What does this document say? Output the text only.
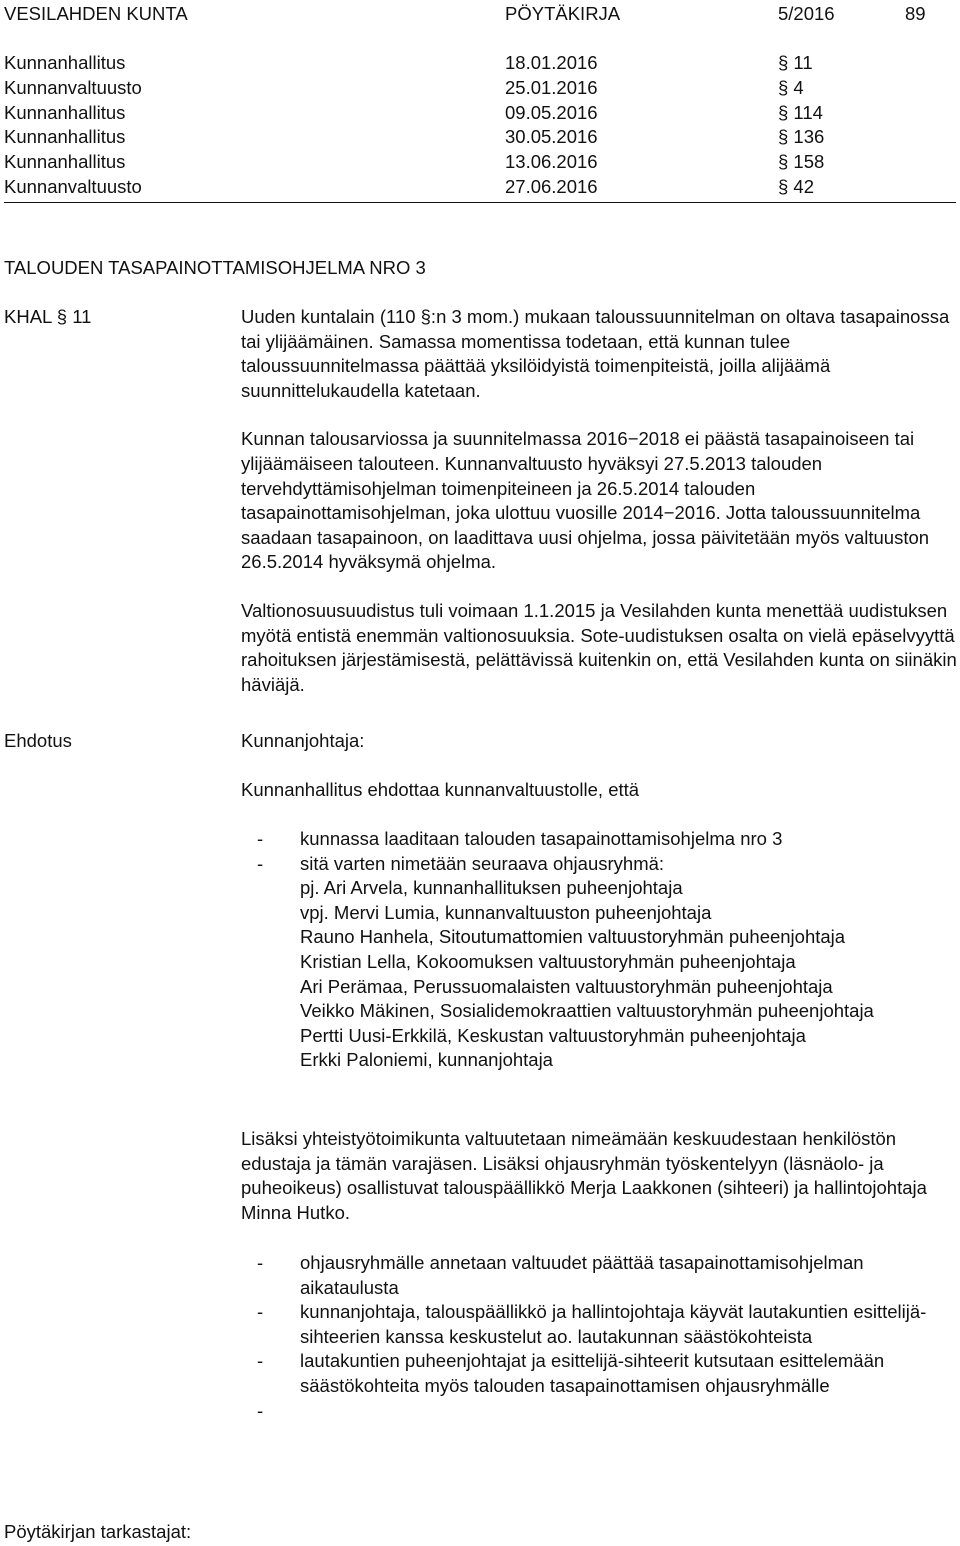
VESILAHDEN KUNTA	PÖYTÄKIRJA	5/2016	89
Kunnanhallitus	18.01.2016	§ 11
Kunnanvaltuusto	25.01.2016	§ 4
Kunnanhallitus	09.05.2016	§ 114
Kunnanhallitus	30.05.2016	§ 136
Kunnanhallitus	13.06.2016	§ 158
Kunnanvaltuusto	27.06.2016	§ 42
TALOUDEN TASAPAINOTTAMISOHJELMA NRO 3
KHAL § 11	Uuden kuntalain (110 §:n 3 mom.) mukaan taloussuunnitelman on oltava tasapainossa tai ylijäämäinen. Samassa momentissa todetaan, että kunnan tulee taloussuunnitelmassa päättää yksilöidyistä toimenpiteistä, joilla alijäämä suunnittelukaudella katetaan.

Kunnan talousarviossa ja suunnitelmassa 2016−2018 ei päästä tasapainoiseen tai ylijäämäiseen talouteen. Kunnanvaltuusto hyväksyi 27.5.2013 talouden tervehdyttämisohjelman toimenpiteineen ja 26.5.2014 talouden tasapainottamisohjelman, joka ulottuu vuosille 2014−2016. Jotta taloussuunnitelma saadaan tasapainoon, on laadittava uusi ohjelma, jossa päivitetään myös valtuuston 26.5.2014 hyväksymä ohjelma.

Valtionosuusuudistus tuli voimaan 1.1.2015 ja Vesilahden kunta menettää uudistuksen myötä entistä enemmän valtionosuuksia. Sote-uudistuksen osalta on vielä epäselvyyttä rahoituksen järjestämisestä, pelättävissä kuitenkin on, että Vesilahden kunta on siinäkin häviäjä.

Ehdotus	Kunnanjohtaja:
Kunnanhallitus ehdottaa kunnanvaltuustolle, että
- kunnassa laaditaan talouden tasapainottamisohjelma nro 3
- sitä varten nimetään seuraava ohjausryhmä:
pj. Ari Arvela, kunnanhallituksen puheenjohtaja
vpj. Mervi Lumia, kunnanvaltuuston puheenjohtaja
Rauno Hanhela, Sitoutumattomien valtuustoryhmän puheenjohtaja
Kristian Lella, Kokoomuksen valtuustoryhmän puheenjohtaja
Ari Perämaa, Perussuomalaisten valtuustoryhmän puheenjohtaja
Veikko Mäkinen, Sosialidemokraattien valtuustoryhmän puheenjohtaja
Pertti Uusi-Erkkilä, Keskustan valtuustoryhmän puheenjohtaja
Erkki Paloniemi, kunnanjohtaja

Lisäksi yhteistyötoimikunta valtuutetaan nimeämään keskuudestaan henkilöstön edustaja ja tämän varajäsen. Lisäksi ohjausryhmän työskentelyyn (läsnäolo- ja puheoikeus) osallistuvat talouspäällikkö Merja Laakkonen (sihteeri) ja hallintojohtaja Minna Hutko.

- ohjausryhmälle annetaan valtuudet päättää tasapainottamisohjelman aikataulusta
- kunnanjohtaja, talouspäällikkö ja hallintojohtaja käyvät lautakuntien esittelijä-sihteerien kanssa keskustelut ao. lautakunnan säästökohteista
- lautakuntien puheenjohtajat ja esittelijä-sihteerit kutsutaan esittelemään säästökohteita myös talouden tasapainottamisen ohjausryhmälle
-
Pöytäkirjan tarkastajat:
